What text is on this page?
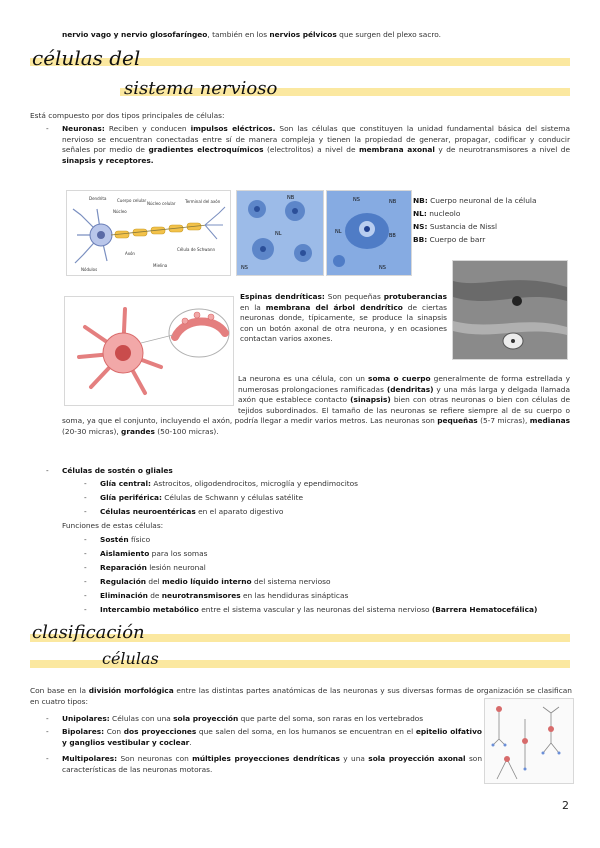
nervio vago y nervio glosofaríngeo, también en los nervios pélvicos que surgen del plexo sacro.
células del
sistema nervioso
Está compuesto por dos tipos principales de células:
- Neuronas: Reciben y conducen impulsos eléctricos. Son las células que constituyen la unidad fundamental básica del sistema nervioso se encuentran conectadas entre sí de manera compleja y tienen la propiedad de generar, propagar, codificar y conducir señales por medio de gradientes electroquímicos (electrolitos) a nivel de membrana axonal y de neurotransmisores a nivel de sinapsis y receptores.

Dendrita	Cuerpo celular
Núcleo
Núcleo celular Terminal del axón
Axón
Mielina
Célula de Schwann
Nódulos
NB
NL
NS
NS	NB
NL
BB
NS
NB: Cuerpo neuronal de la célula
NL: nucleolo
NS: Sustancia de Nissl
BB: Cuerpo de barr

Espinas dendríticas: Son pequeñas protuberancias en la membrana del árbol dendrítico de ciertas neuronas donde, típicamente, se produce la sinapsis con un botón axonal de otra neurona, y en ocasiones contactan varios axones.

La neurona es una célula, con un soma o cuerpo generalmente de forma estrellada y numerosas prolongaciones ramificadas (dendritas) y una más larga y delgada llamada axón que establece contacto (sinapsis) bien con otras neuronas o bien con células de tejidos subordinados. El tamaño de las neuronas se refiere siempre al de su cuerpo o soma, ya que el conjunto, incluyendo el axón, podría llegar a medir varios metros. Las neuronas son pequeñas (5-7 micras), medianas (20-30 micras), grandes (50-100 micras).
- Células de sostén o gliales
- Glía central: Astrocitos, oligodendrocitos, microglía y ependimocitos
- Glía periférica: Células de Schwann y células satélite
- Células neuroentéricas en el aparato digestivo
Funciones de estas células:
- Sostén físico
- Aislamiento para los somas
- Reparación lesión neuronal
- Regulación del medio líquido interno del sistema nervioso
- Eliminación de neurotransmisores en las hendiduras sinápticas
- Intercambio metabólico entre el sistema vascular y las neuronas del sistema nervioso (Barrera Hematocefálica)
clasificación
células

Con base en la división morfológica entre las distintas partes anatómicas de las neuronas y sus diversas formas de organización se clasifican en cuatro tipos:

- Unipolares: Células con una sola proyección que parte del soma, son raras en los vertebrados
- Bipolares: Con dos proyecciones que salen del soma, en los humanos se encuentran en el epitelio olfativo y ganglios vestibular y coclear.
- Multipolares: Son neuronas con múltiples proyecciones dendríticas y una sola proyección axonal son características de las neuronas motoras.
2
